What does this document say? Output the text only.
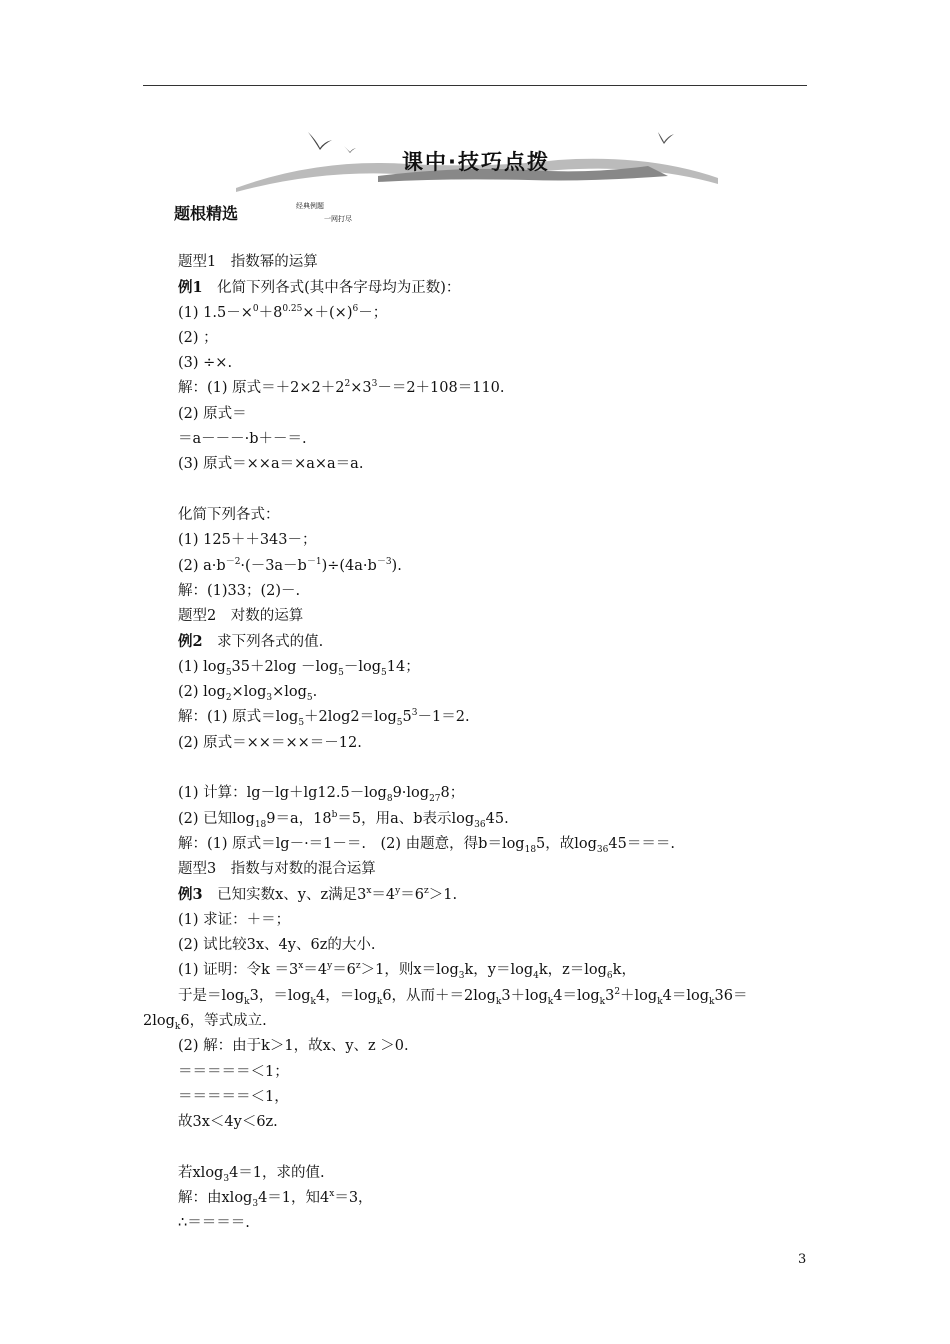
课中·技巧点拨
题根精选	经典例题
一网打尽
题型1　指数幂的运算
例1　化简下列各式(其中各字母均为正数)：
(1) $1.5-\times^0+8^{0.25}\times+(\times)^6-$；
(2) ；
(3) ÷×.
解：(1) 原式$=+2\times 2+2^2\times 3^3-=2+108=110$.
(2) 原式＝
＝a－－－·b＋－＝.
(3) 原式＝××a＝×a×a＝a.
化简下列各式：
(1) 125＋＋343－；
(2) $a\cdot b^{-2}\cdot(-3a-b^{-1})\div(4a\cdot b^{-3})$.
解：(1)33；(2)－.
题型2　对数的运算
例2　求下列各式的值.
(1) $\log_535+2\log -\log_5-\log_514$；
(2) $\log_2\times\log_3\times\log_5$.
解：(1) 原式$=\log_5+2\log 2=\log_55^3-1=2$.
(2) 原式＝××＝××＝－12.
(1) 计算：$\lg-\lg+\lg 12.5-\log_89\cdot\log_{27}8$；
(2) 已知$\log_{18}9=a$，$18^b=5$，用a、b表示$\log_{36}45$.
解：(1) 原式＝lg－·＝1－＝.　(2) 由题意，得$b=\log_{18}5$，故$\log_{36}45===$.
题型3　指数与对数的混合运算
例3　已知实数x、y、z满足$3^x=4^y=6^z>1$.
(1) 求证：＋＝；
(2) 试比较3x、4y、6z的大小.
(1) 证明：令$k =3^x=4^y=6^z>1$，则$x=\log_3k$，$y=\log_4k$，$z=\log_6k$，
于是$=\log_k3$，$=\log_k4$，$=\log_k6$，从而$+=2\log_k3+\log_k4=\log_k3^2+\log_k4=\log_k36=$
$2\log_k6$，等式成立.
(2) 解：由于k＞1，故x、y、z ＞0.
＝＝＝＝＝＜1；
＝＝＝＝＝＜1，
故3x＜4y＜6z.
若xlog$_3$4＝1，求的值.
解：由xlog$_3$4＝1，知$4^x=3$，
∴＝＝＝＝.
3
